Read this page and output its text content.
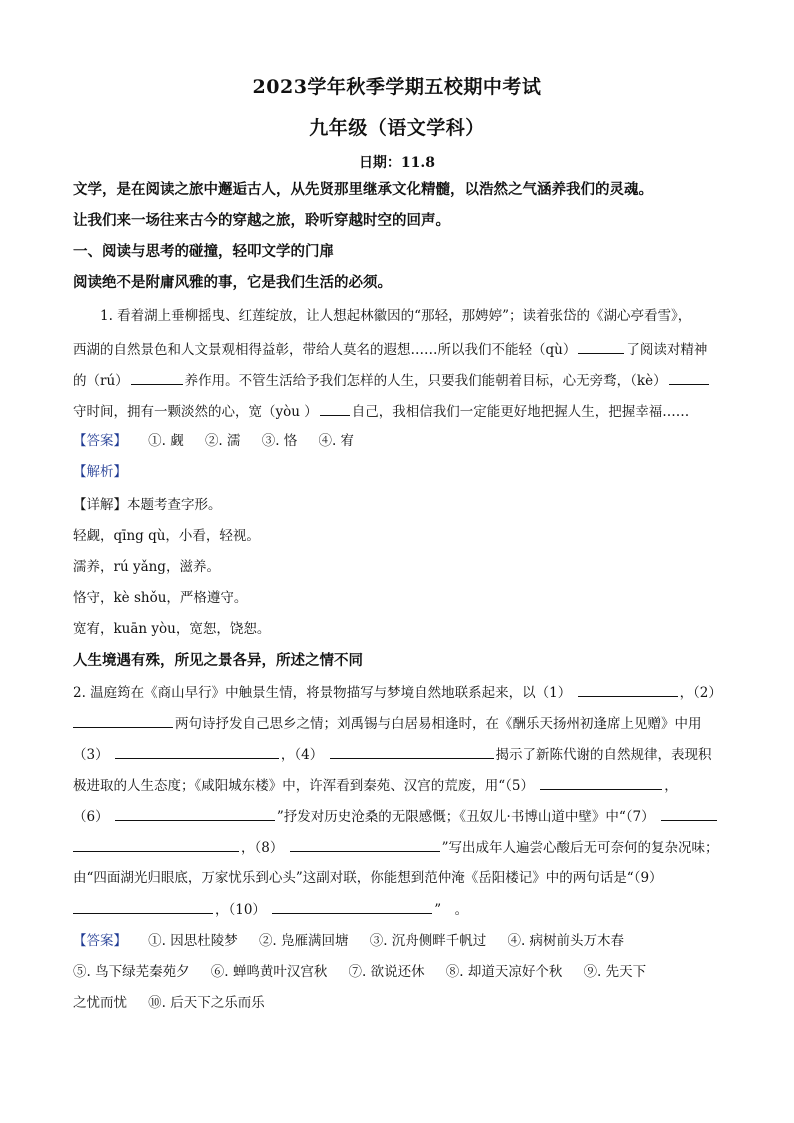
2023学年秋季学期五校期中考试
九年级（语文学科）
日期：11.8
文学，是在阅读之旅中邂逅古人，从先贤那里继承文化精髓，以浩然之气涵养我们的灵魂。
让我们来一场往来古今的穿越之旅，聆听穿越时空的回声。
一、阅读与思考的碰撞，轻叩文学的门扉
阅读绝不是附庸风雅的事，它是我们生活的必须。
1. 看着湖上垂柳摇曳、红莲绽放，让人想起林徽因的“那轻，那娉婷”；读着张岱的《湖心亭看雪》，
西湖的自然景色和人文景观相得益彰，带给人莫名的遐想……所以我们不能轻（qù）	了阅读对精神
的（rú）	养作用。不管生活给予我们怎样的人生，只要我们能朝着目标，心无旁骛，（kè）
守时间，拥有一颗淡然的心，宽（yòu ）	自己，我相信我们一定能更好地把握人生，把握幸福……
【答案】 ①. 觑 ②. 濡 ③. 恪 ④. 宥
【解析】
【详解】本题考查字形。
轻觑，qīng qù，小看，轻视。
濡养，rú yǎng，滋养。
恪守，kè shǒu，严格遵守。
宽宥，kuān yòu，宽恕，饶恕。
人生境遇有殊，所见之景各异，所述之情不同
2. 温庭筠在《商山早行》中触景生情，将景物描写与梦境自然地联系起来，以（1）	，（2）
两句诗抒发自己思乡之情；刘禹锡与白居易相逢时，在《酬乐天扬州初逢席上见赠》中用
（3）	，（4）	揭示了新陈代谢的自然规律，表现积
极进取的人生态度；《咸阳城东楼》中，许浑看到秦苑、汉宫的荒废，用“（5）	，
（6）	”抒发对历史沧桑的无限感慨；《丑奴儿·书博山道中壁》中“（7）
，（8）	”写出成年人遍尝心酸后无可奈何的复杂况味；
由“四面湖光归眼底，万家忧乐到心头”这副对联，你能想到范仲淹《岳阳楼记》中的两句话是“（9）
，（10）	”　。
【答案】 ①. 因思杜陵梦 ②. 凫雁满回塘 ③. 沉舟侧畔千帆过 ④. 病树前头万木春
⑤. 鸟下绿芜秦苑夕 ⑥. 蝉鸣黄叶汉宫秋 ⑦. 欲说还休 ⑧. 却道天凉好个秋 ⑨. 先天下
之忧而忧 ⑩. 后天下之乐而乐
